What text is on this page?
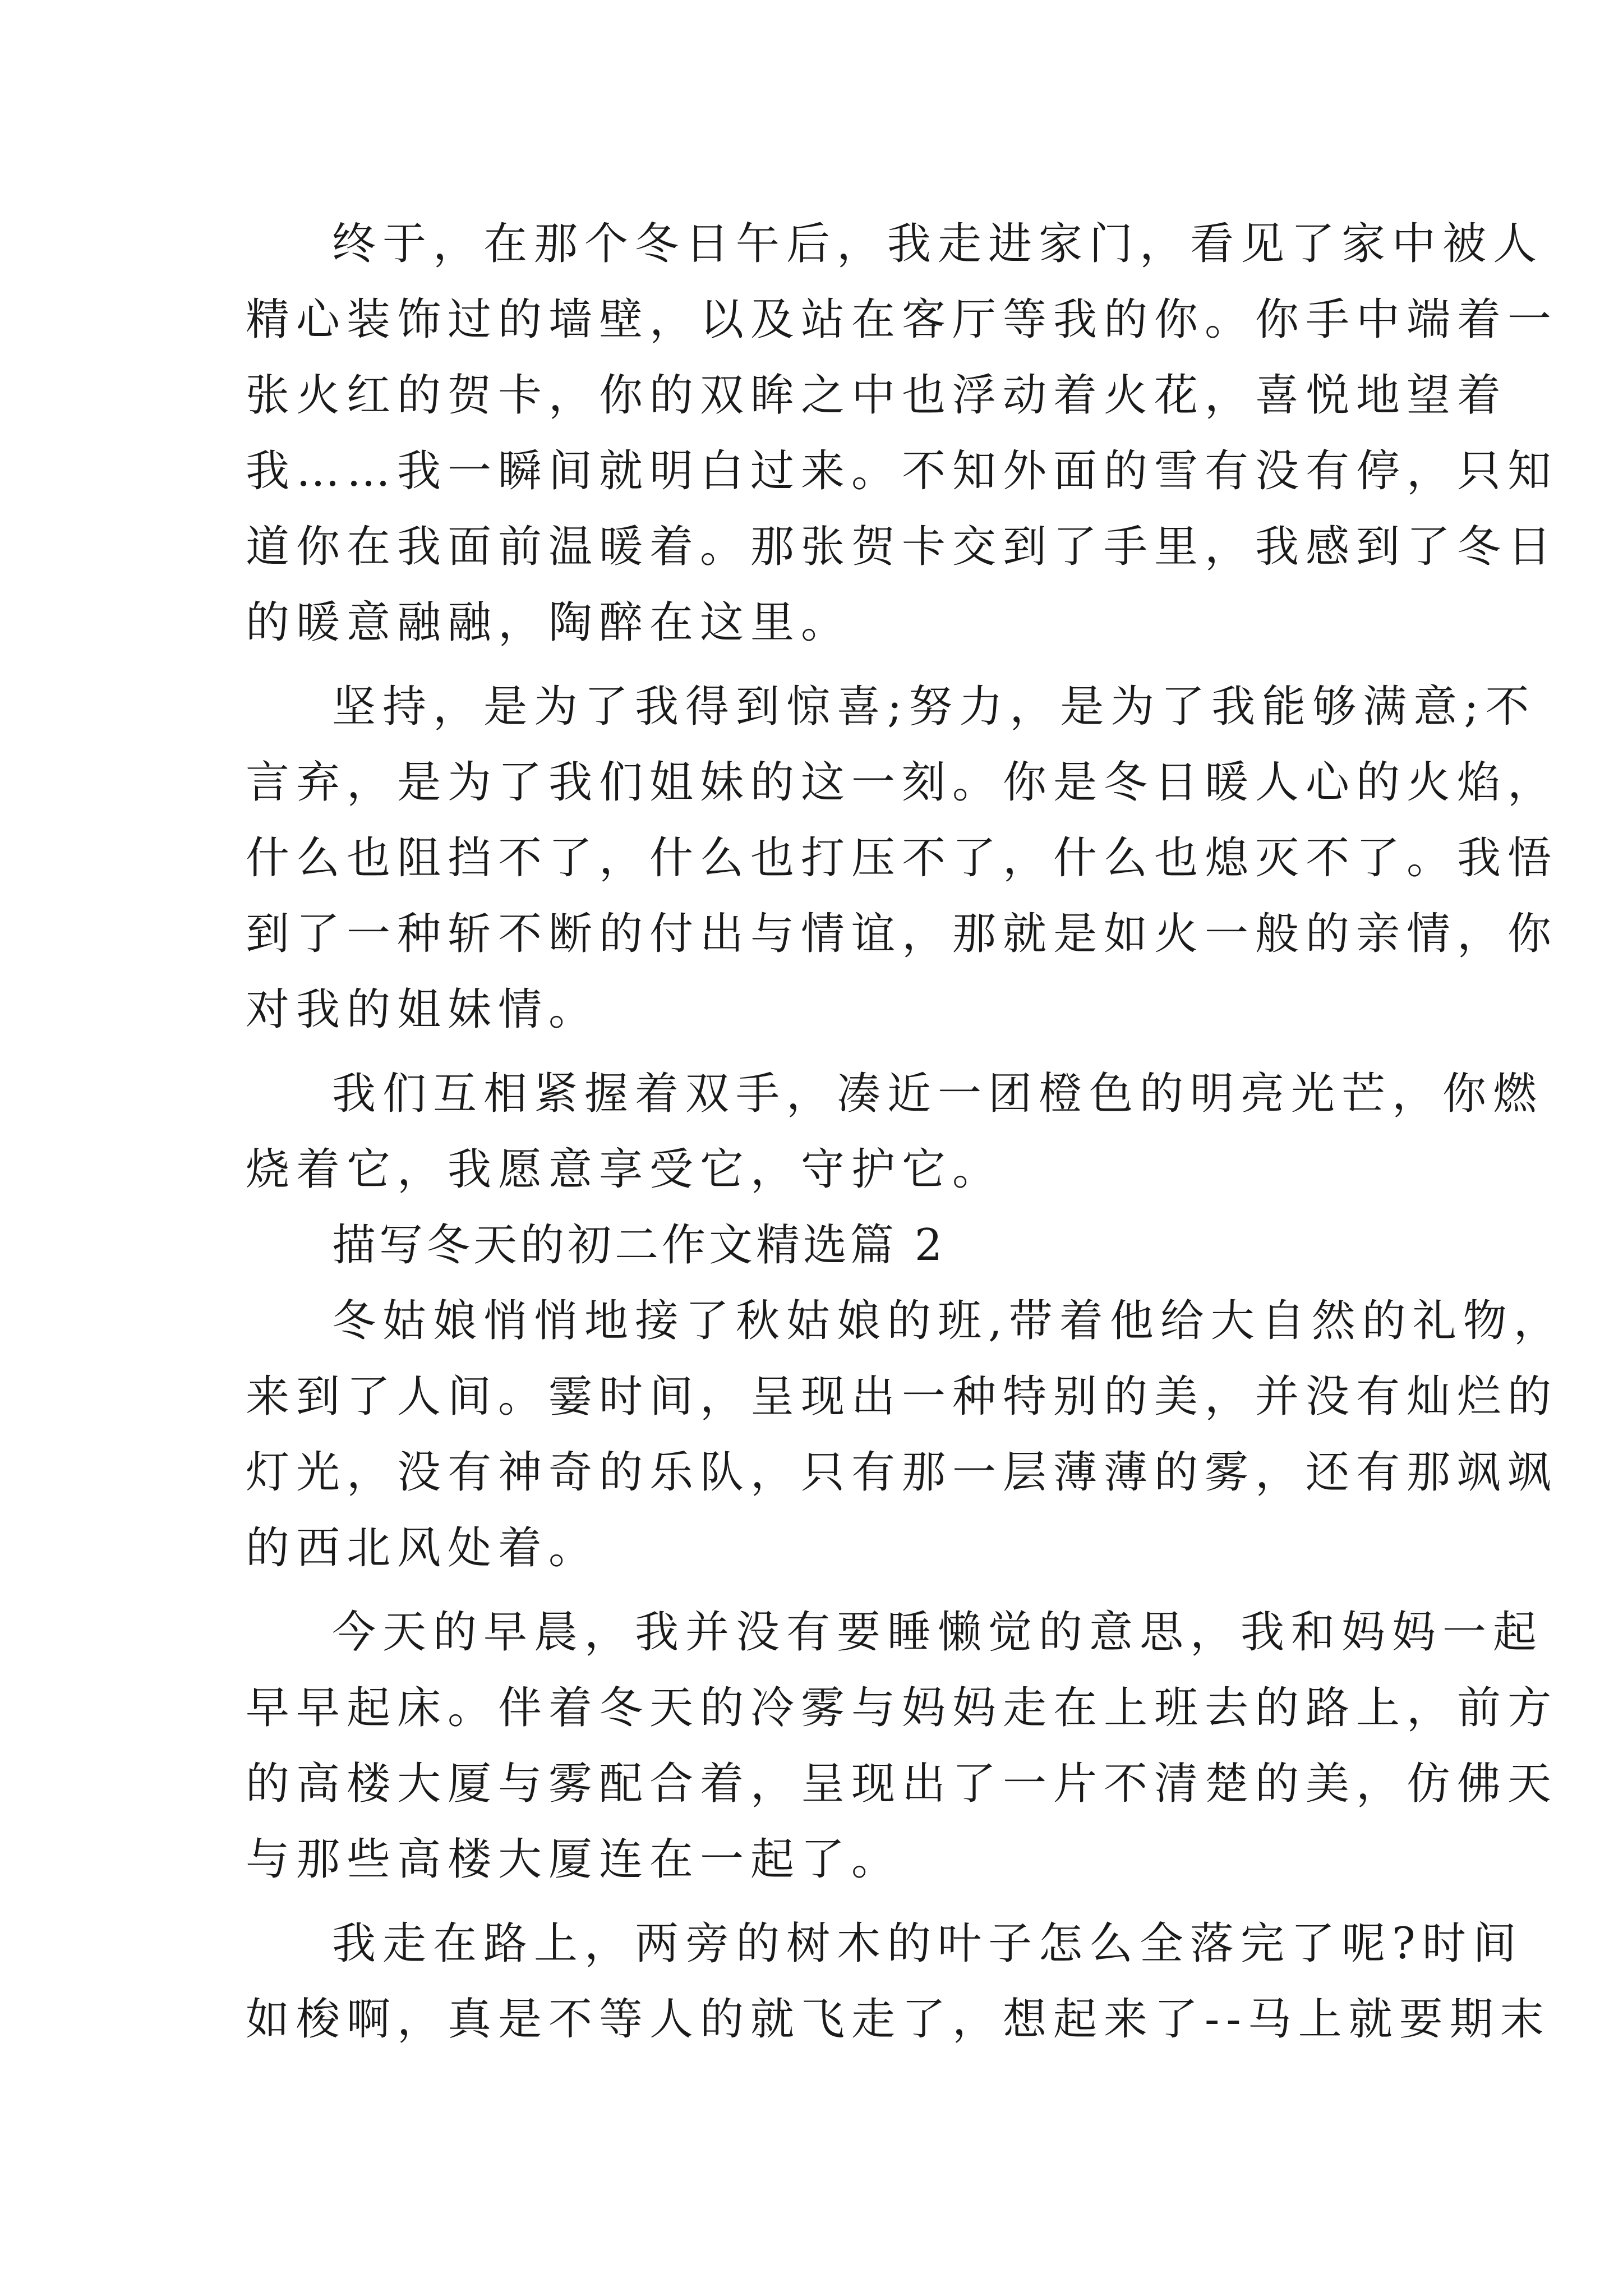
终于，在那个冬日午后，我走进家门，看见了家中被人
精心装饰过的墙壁，以及站在客厅等我的你。你手中端着一
张火红的贺卡，你的双眸之中也浮动着火花，喜悦地望着
我……我一瞬间就明白过来。不知外面的雪有没有停，只知
道你在我面前温暖着。那张贺卡交到了手里，我感到了冬日
的暖意融融，陶醉在这里。
坚持，是为了我得到惊喜;努力，是为了我能够满意;不
言弃，是为了我们姐妹的这一刻。你是冬日暖人心的火焰，
什么也阻挡不了，什么也打压不了，什么也熄灭不了。我悟
到了一种斩不断的付出与情谊，那就是如火一般的亲情，你
对我的姐妹情。
我们互相紧握着双手，凑近一团橙色的明亮光芒，你燃
烧着它，我愿意享受它，守护它。
描写冬天的初二作文精选篇 2
冬姑娘悄悄地接了秋姑娘的班,带着他给大自然的礼物，
来到了人间。霎时间，呈现出一种特别的美，并没有灿烂的
灯光，没有神奇的乐队，只有那一层薄薄的雾，还有那飒飒
的西北风处着。
今天的早晨，我并没有要睡懒觉的意思，我和妈妈一起
早早起床。伴着冬天的冷雾与妈妈走在上班去的路上，前方
的高楼大厦与雾配合着，呈现出了一片不清楚的美，仿佛天
与那些高楼大厦连在一起了。
我走在路上，两旁的树木的叶子怎么全落完了呢?时间
如梭啊，真是不等人的就飞走了，想起来了--马上就要期末
